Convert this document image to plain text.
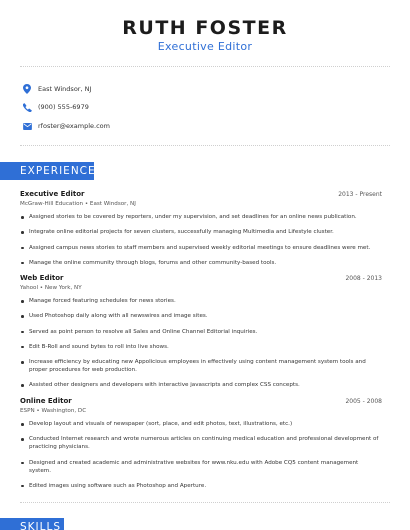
RUTH FOSTER
Executive Editor
East Windsor, NJ
(900) 555-6979
rfoster@example.com
EXPERIENCE
Executive Editor	2013 - Present
McGraw-Hill Education • East Windsor, NJ
Assigned stories to be covered by reporters, under my supervision, and set deadlines for an online news publication.
Integrate online editorial projects for seven clusters, successfully managing Multimedia and Lifestyle cluster.
Assigned campus news stories to staff members and supervised weekly editorial meetings to ensure deadlines were met.
Manage the online community through blogs, forums and other community-based tools.
Web Editor	2008 - 2013
Yahool • New York, NY
Manage forced featuring schedules for news stories.
Used Photoshop daily along with all newswires and image sites.
Served as point person to resolve all Sales and Online Channel Editorial inquiries.
Edit B-Roll and sound bytes to roll into live shows.
Increase efficiency by educating new Appolicious employees in effectively using content management system tools and proper procedures for web production.
Assisted other designers and developers with interactive javascripts and complex CSS concepts.
Online Editor	2005 - 2008
ESPN • Washington, DC
Develop layout and visuals of newspaper (sort, place, and edit photos, text, illustrations, etc.)
Conducted Internet research and wrote numerous articles on continuing medical education and professional development of practicing physicians.
Designed and created academic and administrative websites for www.nku.edu with Adobe CQ5 content management system.
Edited images using software such as Photoshop and Aperture.
SKILLS
